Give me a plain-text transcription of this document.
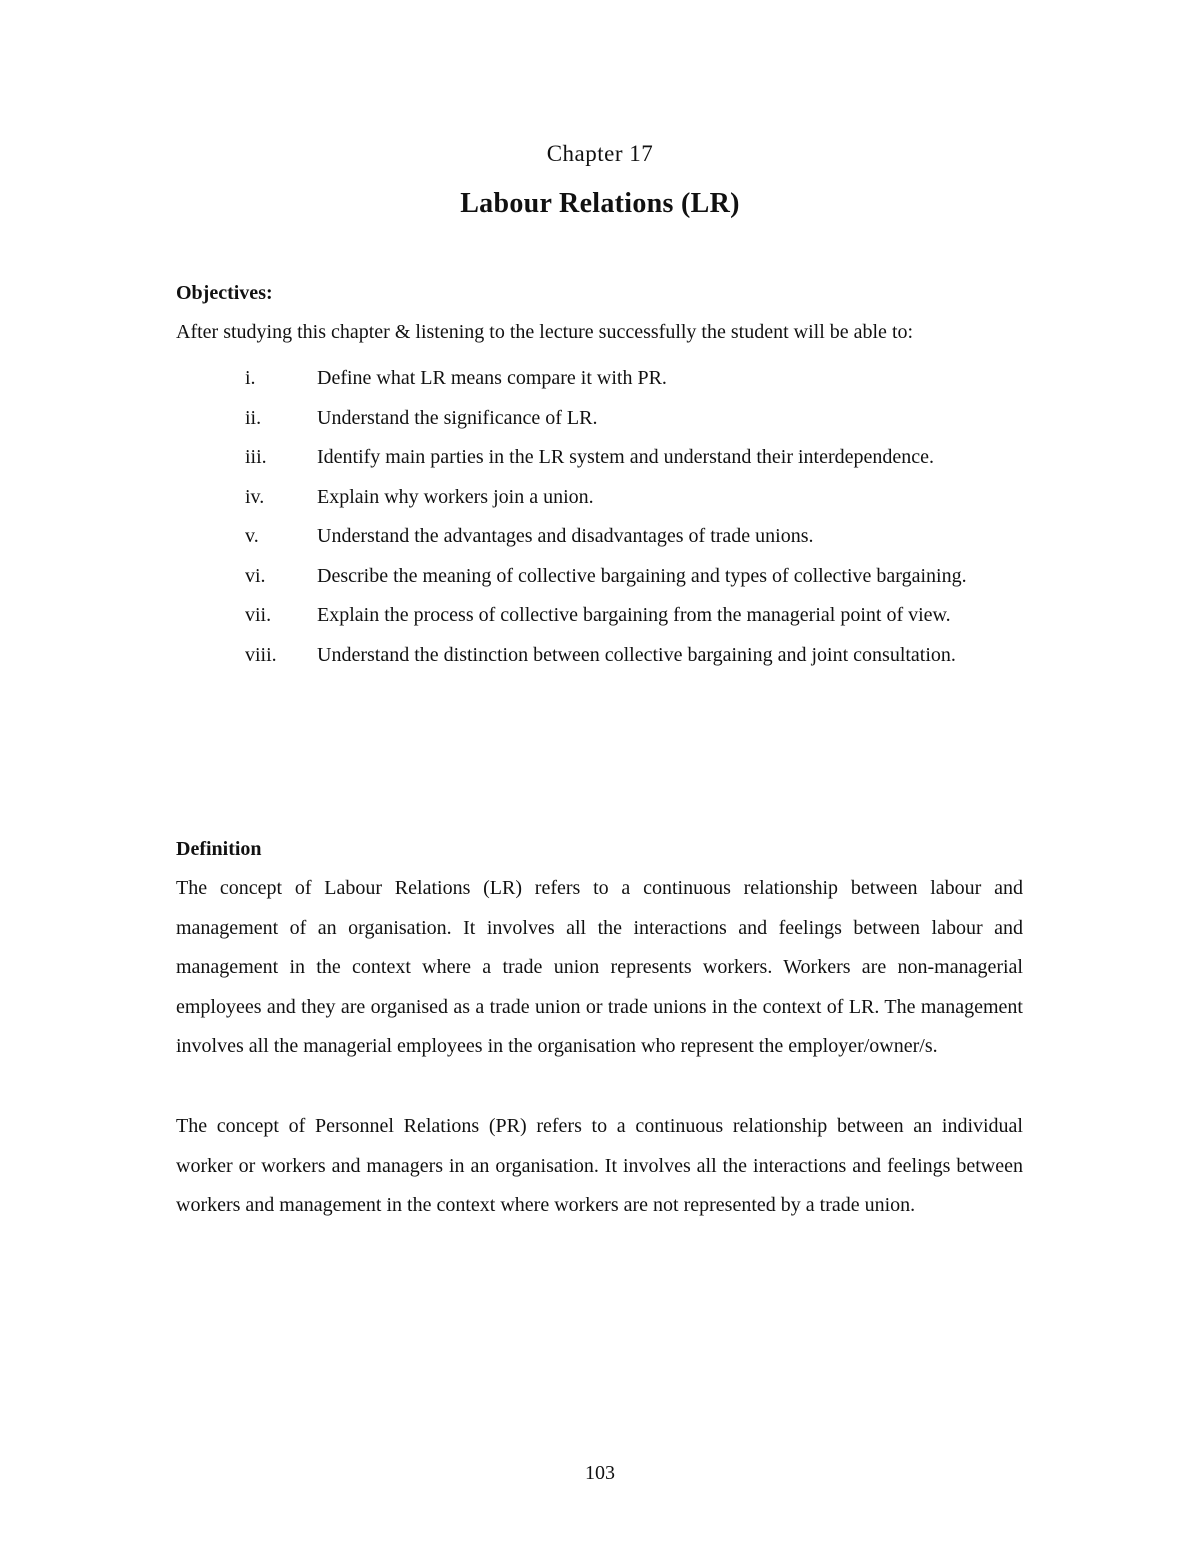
Chapter 17
Labour Relations (LR)
Objectives:
After studying this chapter & listening to the lecture successfully the student will be able to:
i.	Define what LR means compare it with PR.
ii.	Understand the significance of LR.
iii.	Identify main parties in the LR system and understand their interdependence.
iv.	Explain why workers join a union.
v.	Understand the advantages and disadvantages of trade unions.
vi.	Describe the meaning of collective bargaining and types of collective bargaining.
vii.	Explain the process of collective bargaining from the managerial point of view.
viii.	Understand the distinction between collective bargaining and joint consultation.
Definition

The concept of Labour Relations (LR) refers to a continuous relationship between labour and management of an organisation. It involves all the interactions and feelings between labour and management in the context where a trade union represents workers. Workers are non-managerial employees and they are organised as a trade union or trade unions in the context of LR. The management involves all the managerial employees in the organisation who represent the employer/owner/s.

The concept of Personnel Relations (PR) refers to a continuous relationship between an individual worker or workers and managers in an organisation. It involves all the interactions and feelings between workers and management in the context where workers are not represented by a trade union.

103
